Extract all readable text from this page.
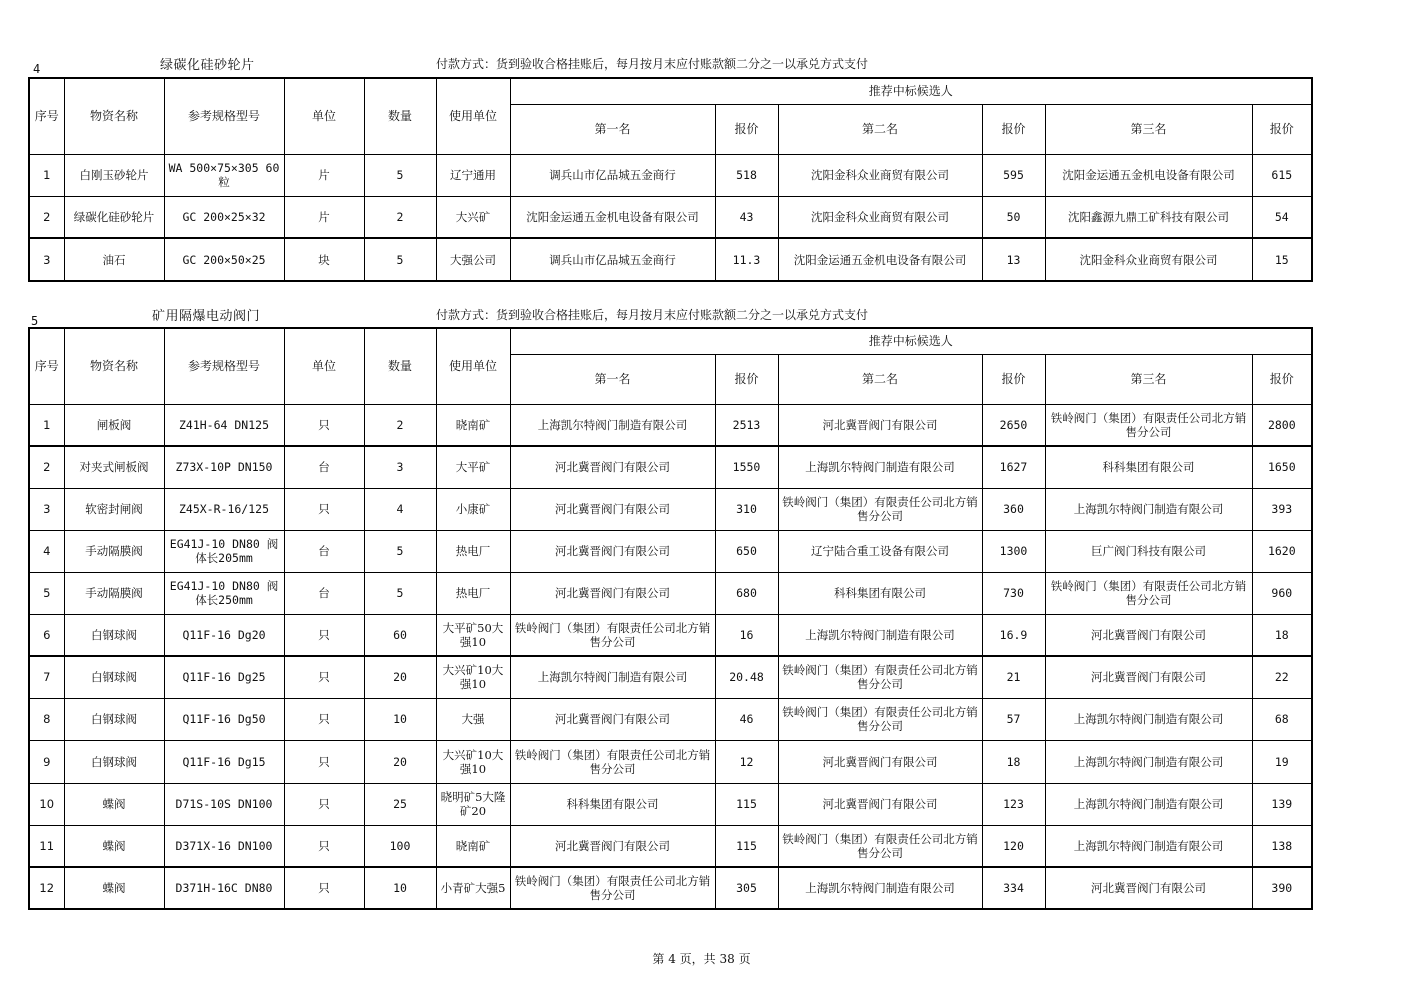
4	绿碳化硅砂轮片	付款方式：货到验收合格挂账后，每月按月末应付账款额二分之一以承兑方式支付
序号	物资名称	参考规格型号	单位	数量	使用单位	推荐中标候选人					
						第一名	报价	第二名	报价	第三名	报价
1	白刚玉砂轮片	WA 500×75×305 60粒	片	5	辽宁通用	调兵山市亿品城五金商行	518	沈阳金科众业商贸有限公司	595	沈阳金运通五金机电设备有限公司	615
2	绿碳化硅砂轮片	GC 200×25×32	片	2	大兴矿	沈阳金运通五金机电设备有限公司	43	沈阳金科众业商贸有限公司	50	沈阳鑫源九鼎工矿科技有限公司	54
3	油石	GC 200×50×25	块	5	大强公司	调兵山市亿品城五金商行	11.3	沈阳金运通五金机电设备有限公司	13	沈阳金科众业商贸有限公司	15
5	矿用隔爆电动阀门	付款方式：货到验收合格挂账后，每月按月末应付账款额二分之一以承兑方式支付
序号	物资名称	参考规格型号	单位	数量	使用单位	推荐中标候选人					
						第一名	报价	第二名	报价	第三名	报价
1	闸板阀	Z41H-64 DN125	只	2	晓南矿	上海凯尔特阀门制造有限公司	2513	河北冀晋阀门有限公司	2650	铁岭阀门（集团）有限责任公司北方销售分公司	2800
2	对夹式闸板阀	Z73X-10P DN150	台	3	大平矿	河北冀晋阀门有限公司	1550	上海凯尔特阀门制造有限公司	1627	科科集团有限公司	1650
3	软密封闸阀	Z45X-R-16/125	只	4	小康矿	河北冀晋阀门有限公司	310	铁岭阀门（集团）有限责任公司北方销售分公司	360	上海凯尔特阀门制造有限公司	393
4	手动隔膜阀	EG41J-10 DN80 阀体长205mm	台	5	热电厂	河北冀晋阀门有限公司	650	辽宁陆合重工设备有限公司	1300	巨广阀门科技有限公司	1620
5	手动隔膜阀	EG41J-10 DN80 阀体长250mm	台	5	热电厂	河北冀晋阀门有限公司	680	科科集团有限公司	730	铁岭阀门（集团）有限责任公司北方销售分公司	960
6	白钢球阀	Q11F-16 Dg20	只	60	大平矿50大强10	铁岭阀门（集团）有限责任公司北方销售分公司	16	上海凯尔特阀门制造有限公司	16.9	河北冀晋阀门有限公司	18
7	白钢球阀	Q11F-16 Dg25	只	20	大兴矿10大强10	上海凯尔特阀门制造有限公司	20.48	铁岭阀门（集团）有限责任公司北方销售分公司	21	河北冀晋阀门有限公司	22
8	白钢球阀	Q11F-16 Dg50	只	10	大强	河北冀晋阀门有限公司	46	铁岭阀门（集团）有限责任公司北方销售分公司	57	上海凯尔特阀门制造有限公司	68
9	白钢球阀	Q11F-16 Dg15	只	20	大兴矿10大强10	铁岭阀门（集团）有限责任公司北方销售分公司	12	河北冀晋阀门有限公司	18	上海凯尔特阀门制造有限公司	19
10	蝶阀	D71S-10S DN100	只	25	晓明矿5大隆矿20	科科集团有限公司	115	河北冀晋阀门有限公司	123	上海凯尔特阀门制造有限公司	139
11	蝶阀	D371X-16 DN100	只	100	晓南矿	河北冀晋阀门有限公司	115	铁岭阀门（集团）有限责任公司北方销售分公司	120	上海凯尔特阀门制造有限公司	138
12	蝶阀	D371H-16C DN80	只	10	小青矿大强5	铁岭阀门（集团）有限责任公司北方销售分公司	305	上海凯尔特阀门制造有限公司	334	河北冀晋阀门有限公司	390
第 4 页，共 38 页
